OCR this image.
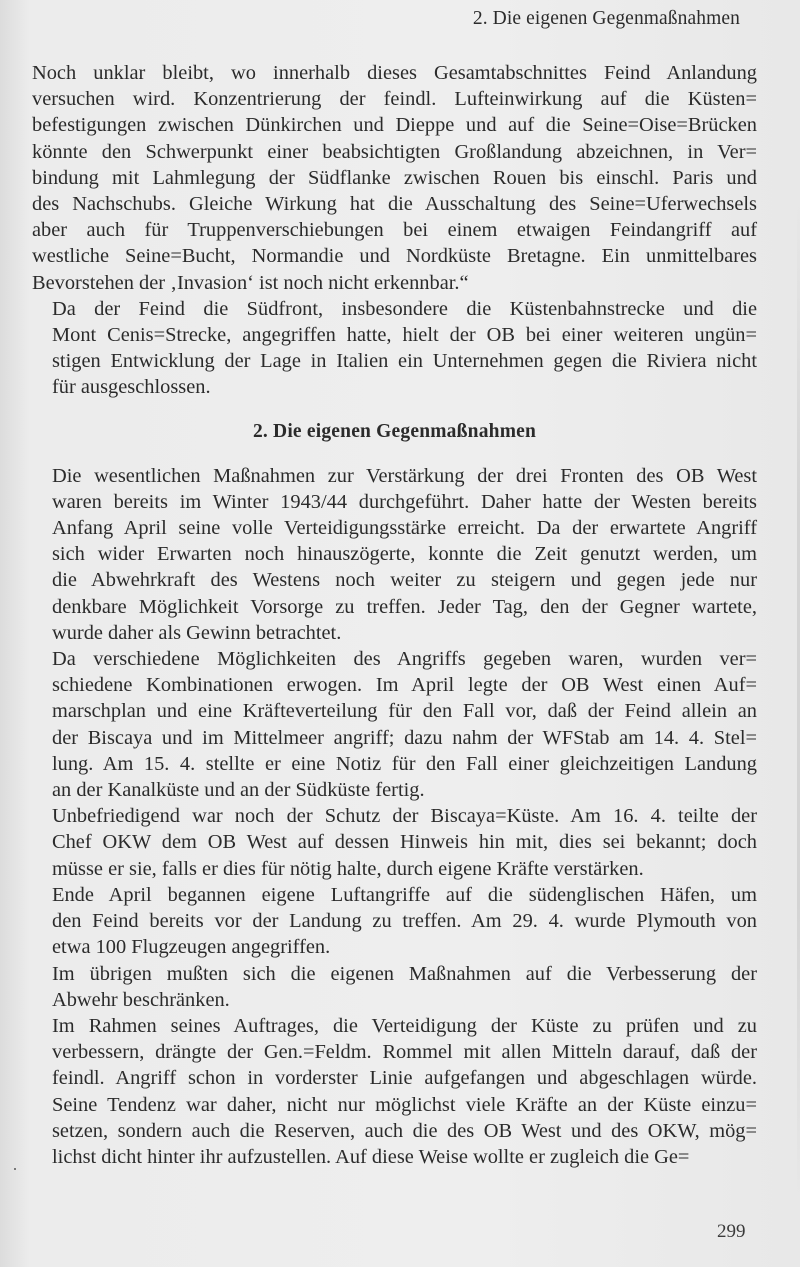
2. Die eigenen Gegenmaßnahmen

Noch unklar bleibt, wo innerhalb dieses Gesamtabschnittes Feind Anlandung
versuchen wird. Konzentrierung der feindl. Lufteinwirkung auf die Küsten=
befestigungen zwischen Dünkirchen und Dieppe und auf die Seine=Oise=Brücken
könnte den Schwerpunkt einer beabsichtigten Großlandung abzeichnen, in Ver=
bindung mit Lahmlegung der Südflanke zwischen Rouen bis einschl. Paris und
des Nachschubs. Gleiche Wirkung hat die Ausschaltung des Seine=Uferwechsels
aber auch für Truppenverschiebungen bei einem etwaigen Feindangriff auf
westliche Seine=Bucht, Normandie und Nordküste Bretagne. Ein unmittelbares
Bevorstehen der ‚Invasion‘ ist noch nicht erkennbar.“

Da der Feind die Südfront, insbesondere die Küstenbahnstrecke und die
Mont Cenis=Strecke, angegriffen hatte, hielt der OB bei einer weiteren ungün=
stigen Entwicklung der Lage in Italien ein Unternehmen gegen die Riviera nicht
für ausgeschlossen.

2. Die eigenen Gegenmaßnahmen

Die wesentlichen Maßnahmen zur Verstärkung der drei Fronten des OB West
waren bereits im Winter 1943/44 durchgeführt. Daher hatte der Westen bereits
Anfang April seine volle Verteidigungsstärke erreicht. Da der erwartete Angriff
sich wider Erwarten noch hinauszögerte, konnte die Zeit genutzt werden, um
die Abwehrkraft des Westens noch weiter zu steigern und gegen jede nur
denkbare Möglichkeit Vorsorge zu treffen. Jeder Tag, den der Gegner wartete,
wurde daher als Gewinn betrachtet.

Da verschiedene Möglichkeiten des Angriffs gegeben waren, wurden ver=
schiedene Kombinationen erwogen. Im April legte der OB West einen Auf=
marschplan und eine Kräfteverteilung für den Fall vor, daß der Feind allein an
der Biscaya und im Mittelmeer angriff; dazu nahm der WFStab am 14. 4. Stel=
lung. Am 15. 4. stellte er eine Notiz für den Fall einer gleichzeitigen Landung
an der Kanalküste und an der Südküste fertig.

Unbefriedigend war noch der Schutz der Biscaya=Küste. Am 16. 4. teilte der
Chef OKW dem OB West auf dessen Hinweis hin mit, dies sei bekannt; doch
müsse er sie, falls er dies für nötig halte, durch eigene Kräfte verstärken.

Ende April begannen eigene Luftangriffe auf die südenglischen Häfen, um
den Feind bereits vor der Landung zu treffen. Am 29. 4. wurde Plymouth von
etwa 100 Flugzeugen angegriffen.

Im übrigen mußten sich die eigenen Maßnahmen auf die Verbesserung der
Abwehr beschränken.

Im Rahmen seines Auftrages, die Verteidigung der Küste zu prüfen und zu
verbessern, drängte der Gen.=Feldm. Rommel mit allen Mitteln darauf, daß der
feindl. Angriff schon in vorderster Linie aufgefangen und abgeschlagen würde.
Seine Tendenz war daher, nicht nur möglichst viele Kräfte an der Küste einzu=
setzen, sondern auch die Reserven, auch die des OB West und des OKW, mög=
lichst dicht hinter ihr aufzustellen. Auf diese Weise wollte er zugleich die Ge=

299
